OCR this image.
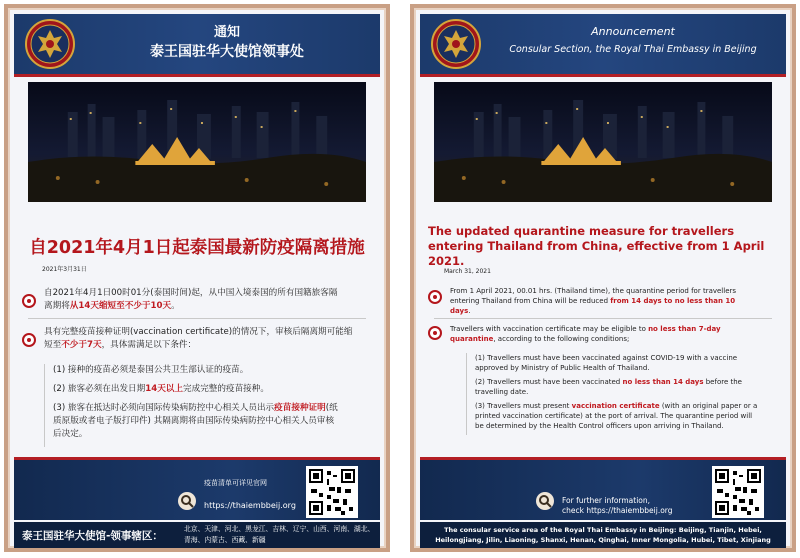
通知
泰王国驻华大使馆领事处
自2021年4月1日起泰国最新防疫隔离措施
2021年3月31日
自2021年4月1日00时01分(泰国时间)起，从中国入境泰国的所有国籍旅客隔离期将从14天缩短至不少于10天。
具有完整疫苗接种证明(vaccination certificate)的情况下，审核后隔离期可能缩短至不少于7天，具体需满足以下条件：
(1) 接种的疫苗必须是泰国公共卫生部认证的疫苗。
(2) 旅客必须在出发日期14天以上完成完整的疫苗接种。
(3) 旅客在抵达时必须向国际传染病防控中心相关人员出示疫苗接种证明(纸质原版或者电子版打印件) 其隔离期将由国际传染病防控中心相关人员审核后决定。
疫苗清单可详见官网
https://thaiembbeij.org
泰王国驻华大使馆-领事辖区：
北京、天津、河北、黑龙江、吉林、辽宁、山西、河南、湖北、青海、内蒙古、西藏、新疆
Announcement
Consular Section, the Royal Thai Embassy in Beijing
The updated quarantine measure for travellers entering Thailand from China, effective from 1 April 2021.
March 31, 2021
From 1 April 2021, 00.01 hrs. (Thailand time), the quarantine period for travellers entering Thailand from China will be reduced from 14 days to no less than 10 days.
Travellers with vaccination certificate may be eligible to no less than 7-day quarantine, according to the following conditions;
(1) Travellers must have been vaccinated against COVID-19 with a vaccine approved by Ministry of Public Health of Thailand.
(2) Travellers must have been vaccinated no less than 14 days before the travelling date.
(3) Travellers must present vaccination certificate (with an original paper or a printed vaccination certificate) at the port of arrival. The quarantine period will be determined by the Health Control officers upon arriving in Thailand.
For further information,
check https://thaiembbeij.org
The consular service area of the Royal Thai Embassy in Beijing: Beijing, Tianjin, Hebei, Heilongjiang, Jilin, Liaoning, Shanxi, Henan, Qinghai, Inner Mongolia, Hubei, Tibet, Xinjiang
